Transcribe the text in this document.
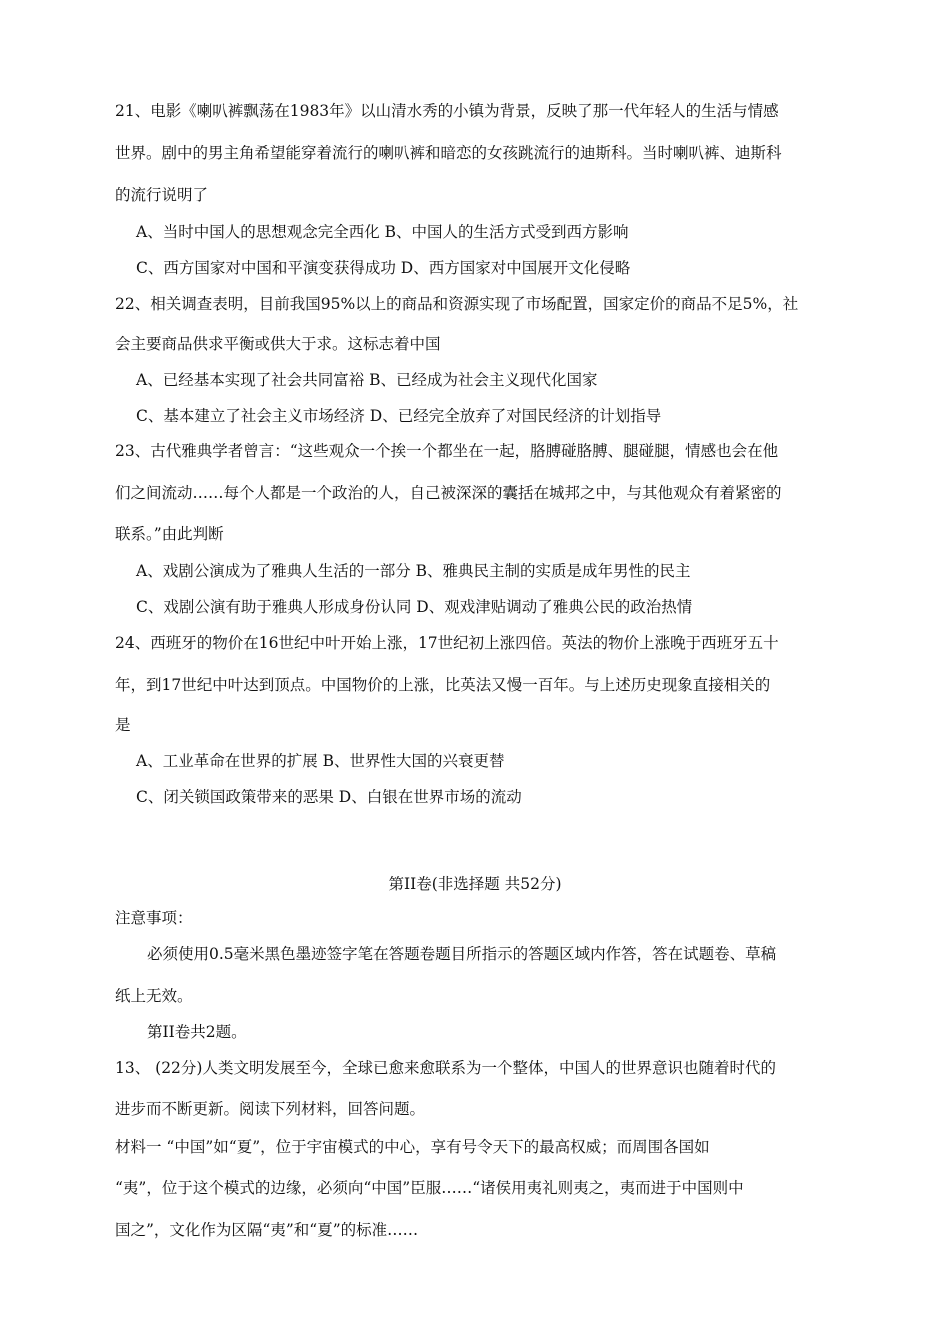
21、电影《喇叭裤飘荡在1983年》以山清水秀的小镇为背景，反映了那一代年轻人的生活与情感
世界。剧中的男主角希望能穿着流行的喇叭裤和暗恋的女孩跳流行的迪斯科。当时喇叭裤、迪斯科
的流行说明了
A、当时中国人的思想观念完全西化 B、中国人的生活方式受到西方影响
C、西方国家对中国和平演变获得成功 D、西方国家对中国展开文化侵略
22、相关调查表明，目前我国95%以上的商品和资源实现了市场配置，国家定价的商品不足5%，社
会主要商品供求平衡或供大于求。这标志着中国
A、已经基本实现了社会共同富裕 B、已经成为社会主义现代化国家
C、基本建立了社会主义市场经济 D、已经完全放弃了对国民经济的计划指导
23、古代雅典学者曾言：“这些观众一个挨一个都坐在一起，胳膊碰胳膊、腿碰腿，情感也会在他
们之间流动……每个人都是一个政治的人，自己被深深的囊括在城邦之中，与其他观众有着紧密的
联系。”由此判断
A、戏剧公演成为了雅典人生活的一部分 B、雅典民主制的实质是成年男性的民主
C、戏剧公演有助于雅典人形成身份认同 D、观戏津贴调动了雅典公民的政治热情
24、西班牙的物价在16世纪中叶开始上涨，17世纪初上涨四倍。英法的物价上涨晚于西班牙五十
年，到17世纪中叶达到顶点。中国物价的上涨，比英法又慢一百年。与上述历史现象直接相关的
是
A、工业革命在世界的扩展 B、世界性大国的兴衰更替
C、闭关锁国政策带来的恶果 D、白银在世界市场的流动
第II卷(非选择题 共52分)
注意事项：
必须使用0.5毫米黑色墨迹签字笔在答题卷题目所指示的答题区域内作答，答在试题卷、草稿
纸上无效。
第II卷共2题。
13、 (22分)人类文明发展至今，全球已愈来愈联系为一个整体，中国人的世界意识也随着时代的
进步而不断更新。阅读下列材料，回答问题。
材料一 “中国”如“夏”，位于宇宙模式的中心，享有号令天下的最高权威；而周围各国如
“夷”，位于这个模式的边缘，必须向“中国”臣服……“诸侯用夷礼则夷之，夷而进于中国则中
国之”，文化作为区隔“夷”和“夏”的标准……
